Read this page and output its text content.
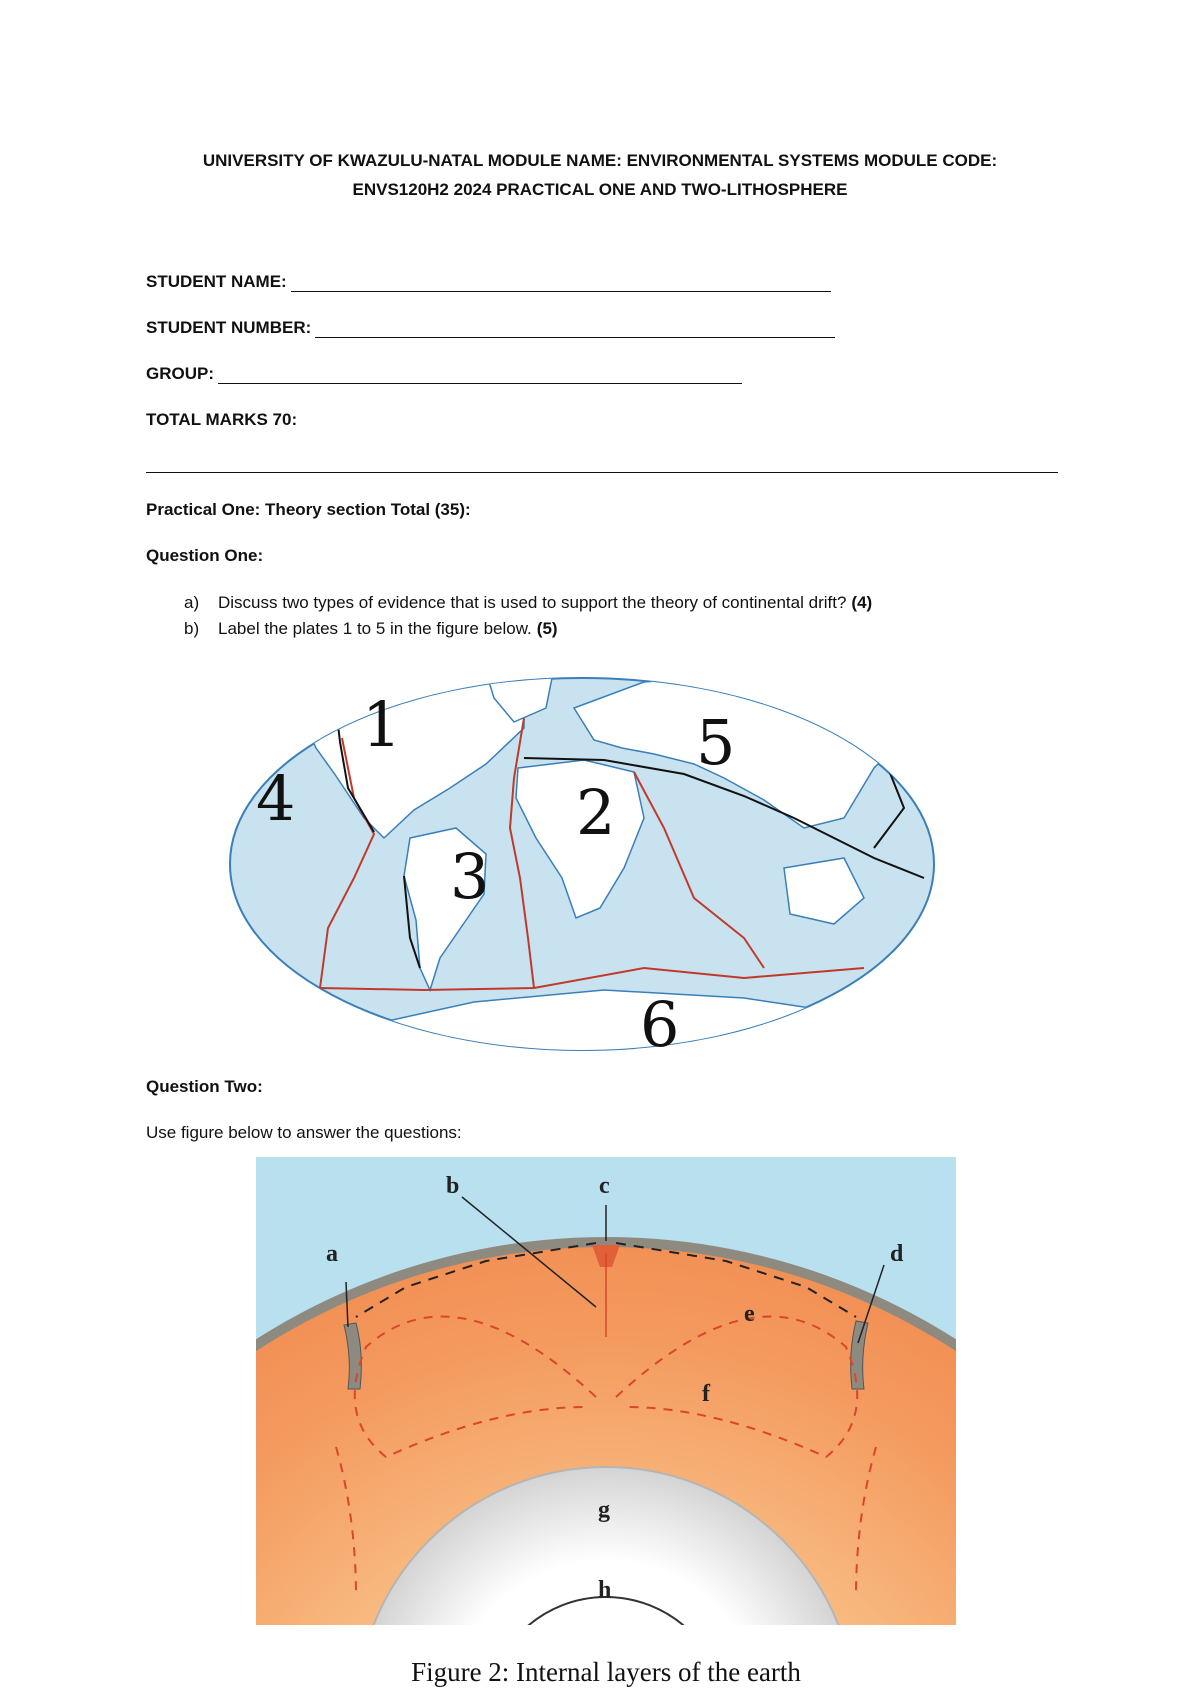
UNIVERSITY OF KWAZULU-NATAL MODULE NAME: ENVIRONMENTAL SYSTEMS MODULE CODE:
ENVS120H2 2024 PRACTICAL ONE AND TWO-LITHOSPHERE
STUDENT NAME:
STUDENT NUMBER:
GROUP:
TOTAL MARKS 70:
Practical One: Theory section Total (35):
Question One:
a)	Discuss two types of evidence that is used to support the theory of continental drift? (4)
b)	Label the plates 1 to 5 in the figure below. (5)
1
2
3
4
5
6
Question Two:
Use figure below to answer the questions:
a
b	c
d
e
f
g
h
Figure 2: Internal layers of the earth
